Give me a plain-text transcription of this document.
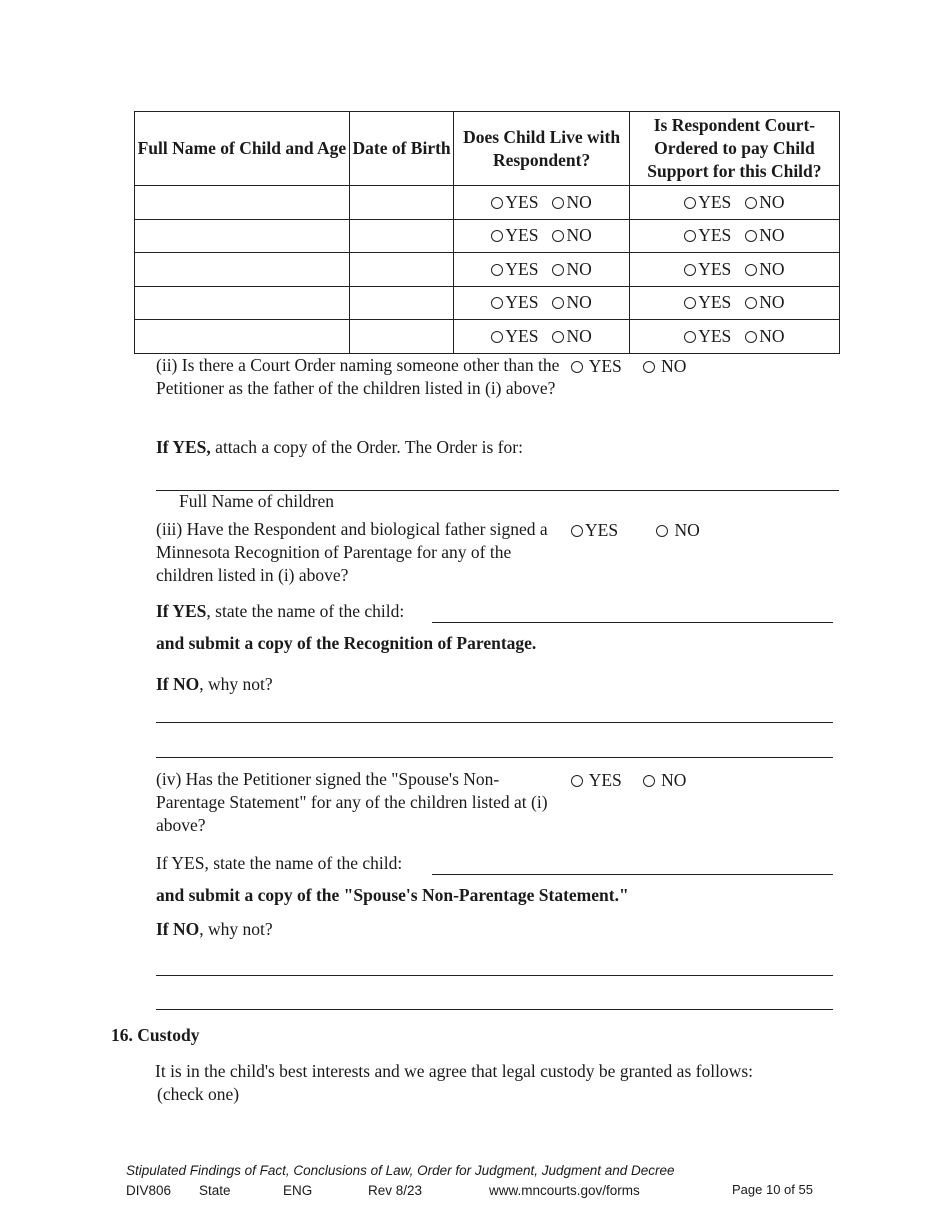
Full Name of Child and Age	Date of Birth	Does Child Live with Respondent?	Is Respondent Court-Ordered to pay Child Support for this Child?
		YES NO	YES NO
		YES NO	YES NO
		YES NO	YES NO
		YES NO	YES NO
		YES NO	YES NO
(ii) Is there a Court Order naming someone other than the Petitioner as the father of the children listed in (i) above?
YES NO
If YES, attach a copy of the Order. The Order is for:
Full Name of children
(iii) Have the Respondent and biological father signed a Minnesota Recognition of Parentage for any of the children listed in (i) above?
YES	NO
If YES, state the name of the child:
and submit a copy of the Recognition of Parentage.
If NO, why not?
(iv) Has the Petitioner signed the "Spouse's Non-Parentage Statement" for any of the children listed at (i) above?
YES NO
If YES, state the name of the child:
and submit a copy of the "Spouse's Non-Parentage Statement."
If NO, why not?
16. Custody
It is in the child's best interests and we agree that legal custody be granted as follows:
(check one)
Stipulated Findings of Fact, Conclusions of Law, Order for Judgment, Judgment and Decree
DIV806 State	ENG	Rev 8/23	www.mncourts.gov/forms	Page 10 of 55
